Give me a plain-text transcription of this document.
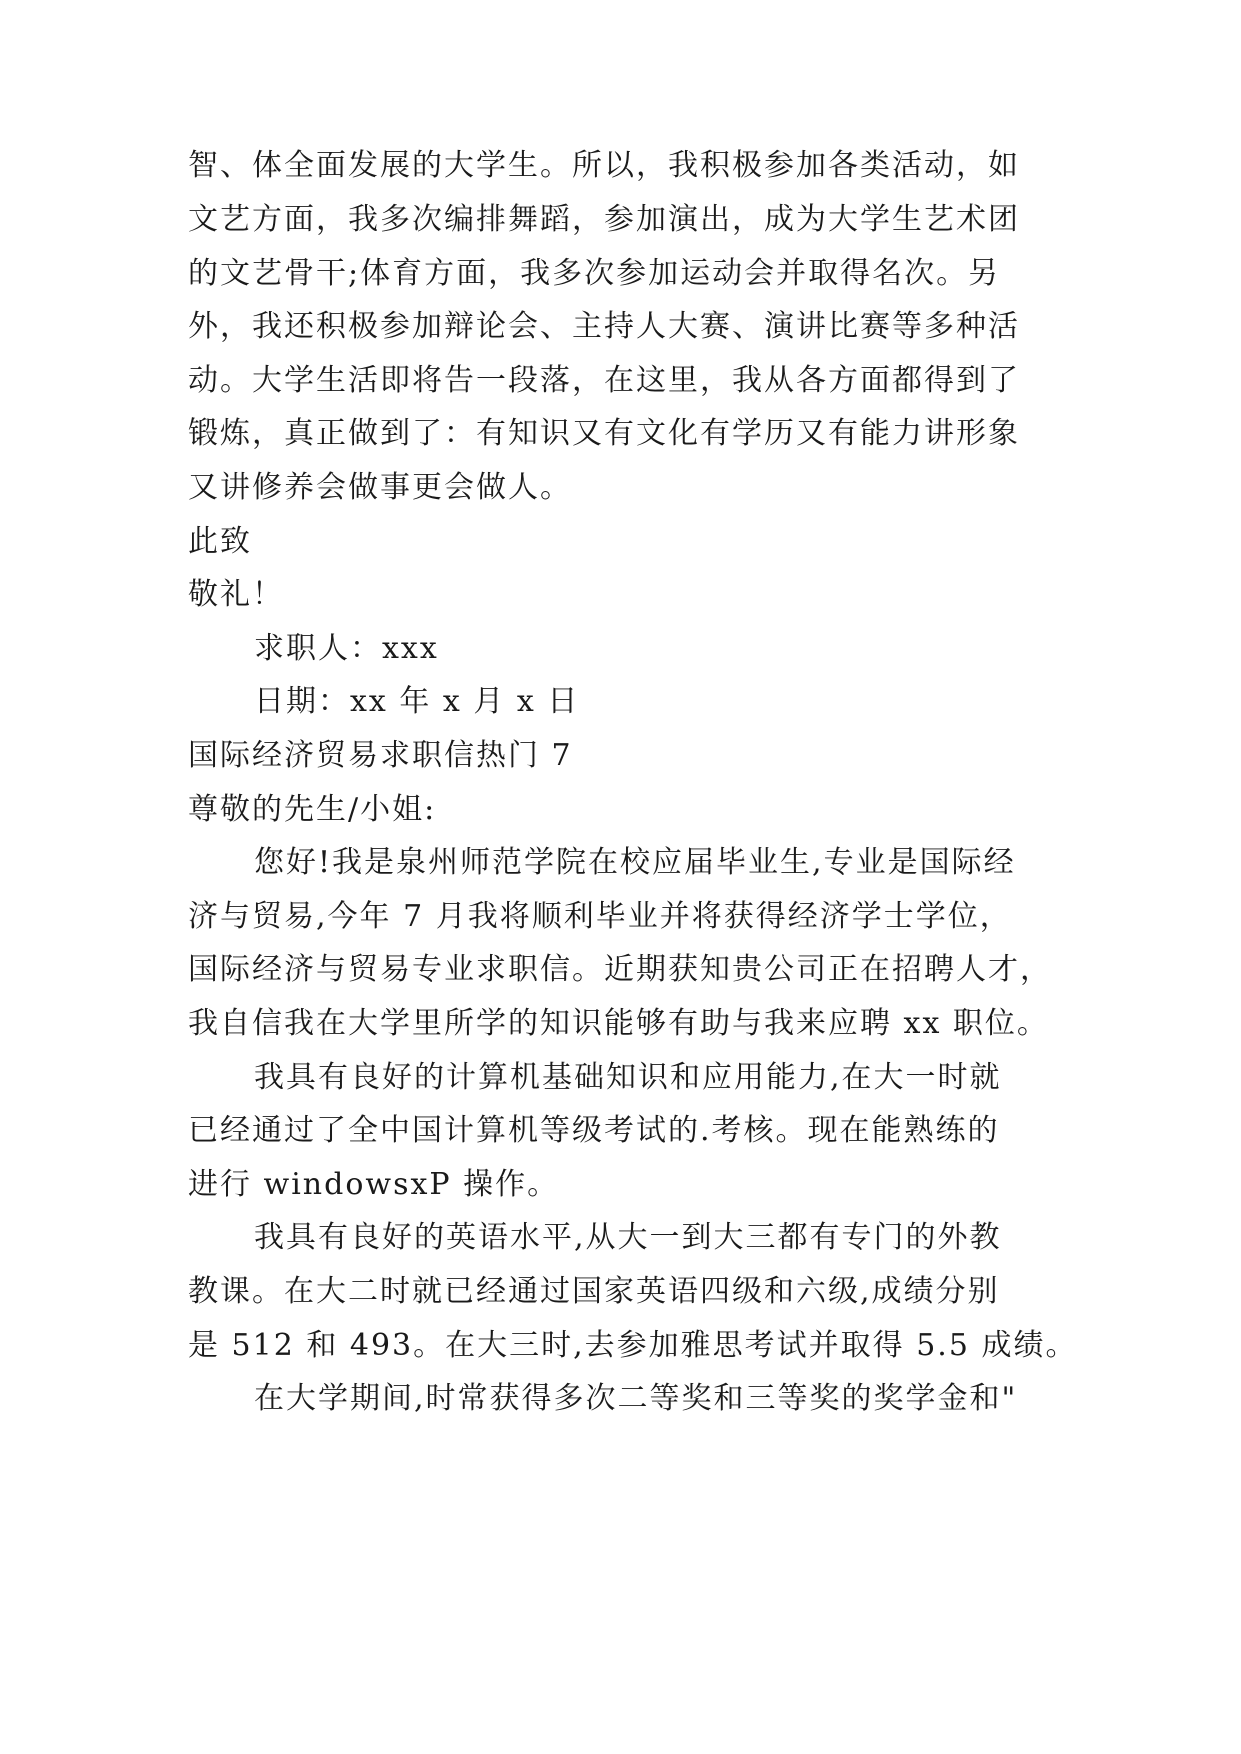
智、体全面发展的大学生。所以，我积极参加各类活动，如
文艺方面，我多次编排舞蹈，参加演出，成为大学生艺术团
的文艺骨干;体育方面，我多次参加运动会并取得名次。另
外，我还积极参加辩论会、主持人大赛、演讲比赛等多种活
动。大学生活即将告一段落，在这里，我从各方面都得到了
锻炼，真正做到了：有知识又有文化有学历又有能力讲形象
又讲修养会做事更会做人。
此致
敬礼！
求职人：xxx
日期：xx 年 x 月 x 日
国际经济贸易求职信热门 7
尊敬的先生/小姐:
您好!我是泉州师范学院在校应届毕业生,专业是国际经
济与贸易,今年 7 月我将顺利毕业并将获得经济学士学位，
国际经济与贸易专业求职信。近期获知贵公司正在招聘人才，
我自信我在大学里所学的知识能够有助与我来应聘 xx 职位。
我具有良好的计算机基础知识和应用能力,在大一时就
已经通过了全中国计算机等级考试的.考核。现在能熟练的
进行 windowsxP 操作。
我具有良好的英语水平,从大一到大三都有专门的外教
教课。在大二时就已经通过国家英语四级和六级,成绩分别
是 512 和 493。在大三时,去参加雅思考试并取得 5.5 成绩。
在大学期间,时常获得多次二等奖和三等奖的奖学金和"
